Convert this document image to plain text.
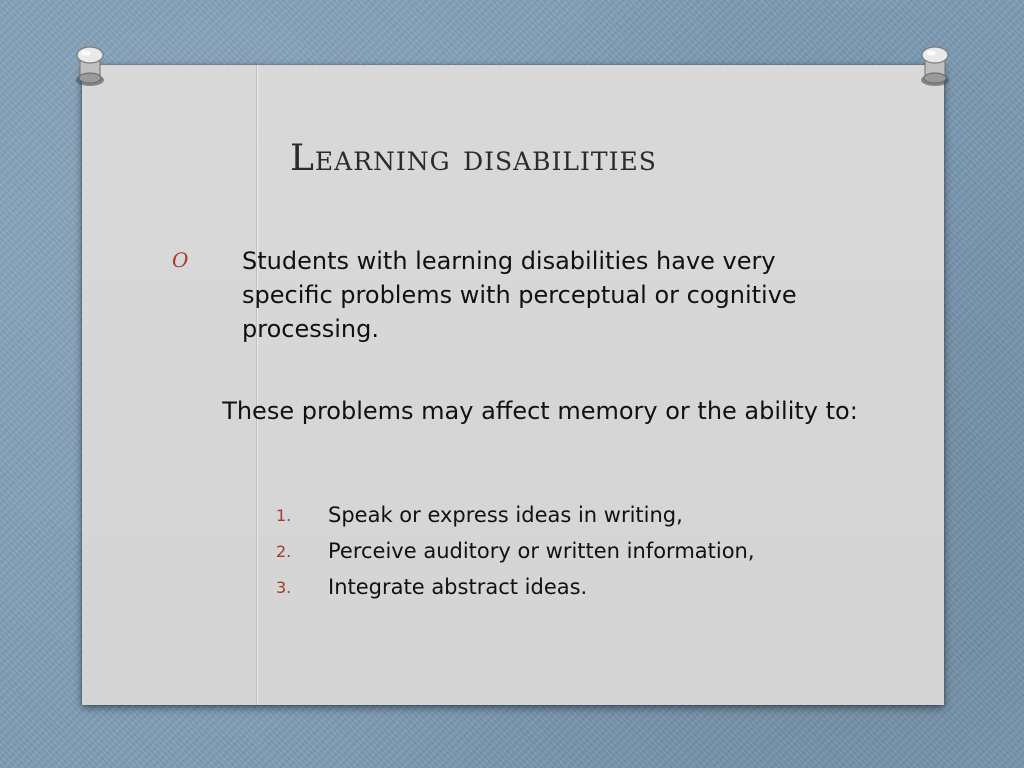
Learning disabilities
O Students with learning disabilities have very specific problems with perceptual or cognitive processing.
These problems may affect memory or the ability to:
1. Speak or express ideas in writing,
2. Perceive auditory or written information,
3. Integrate abstract ideas.
